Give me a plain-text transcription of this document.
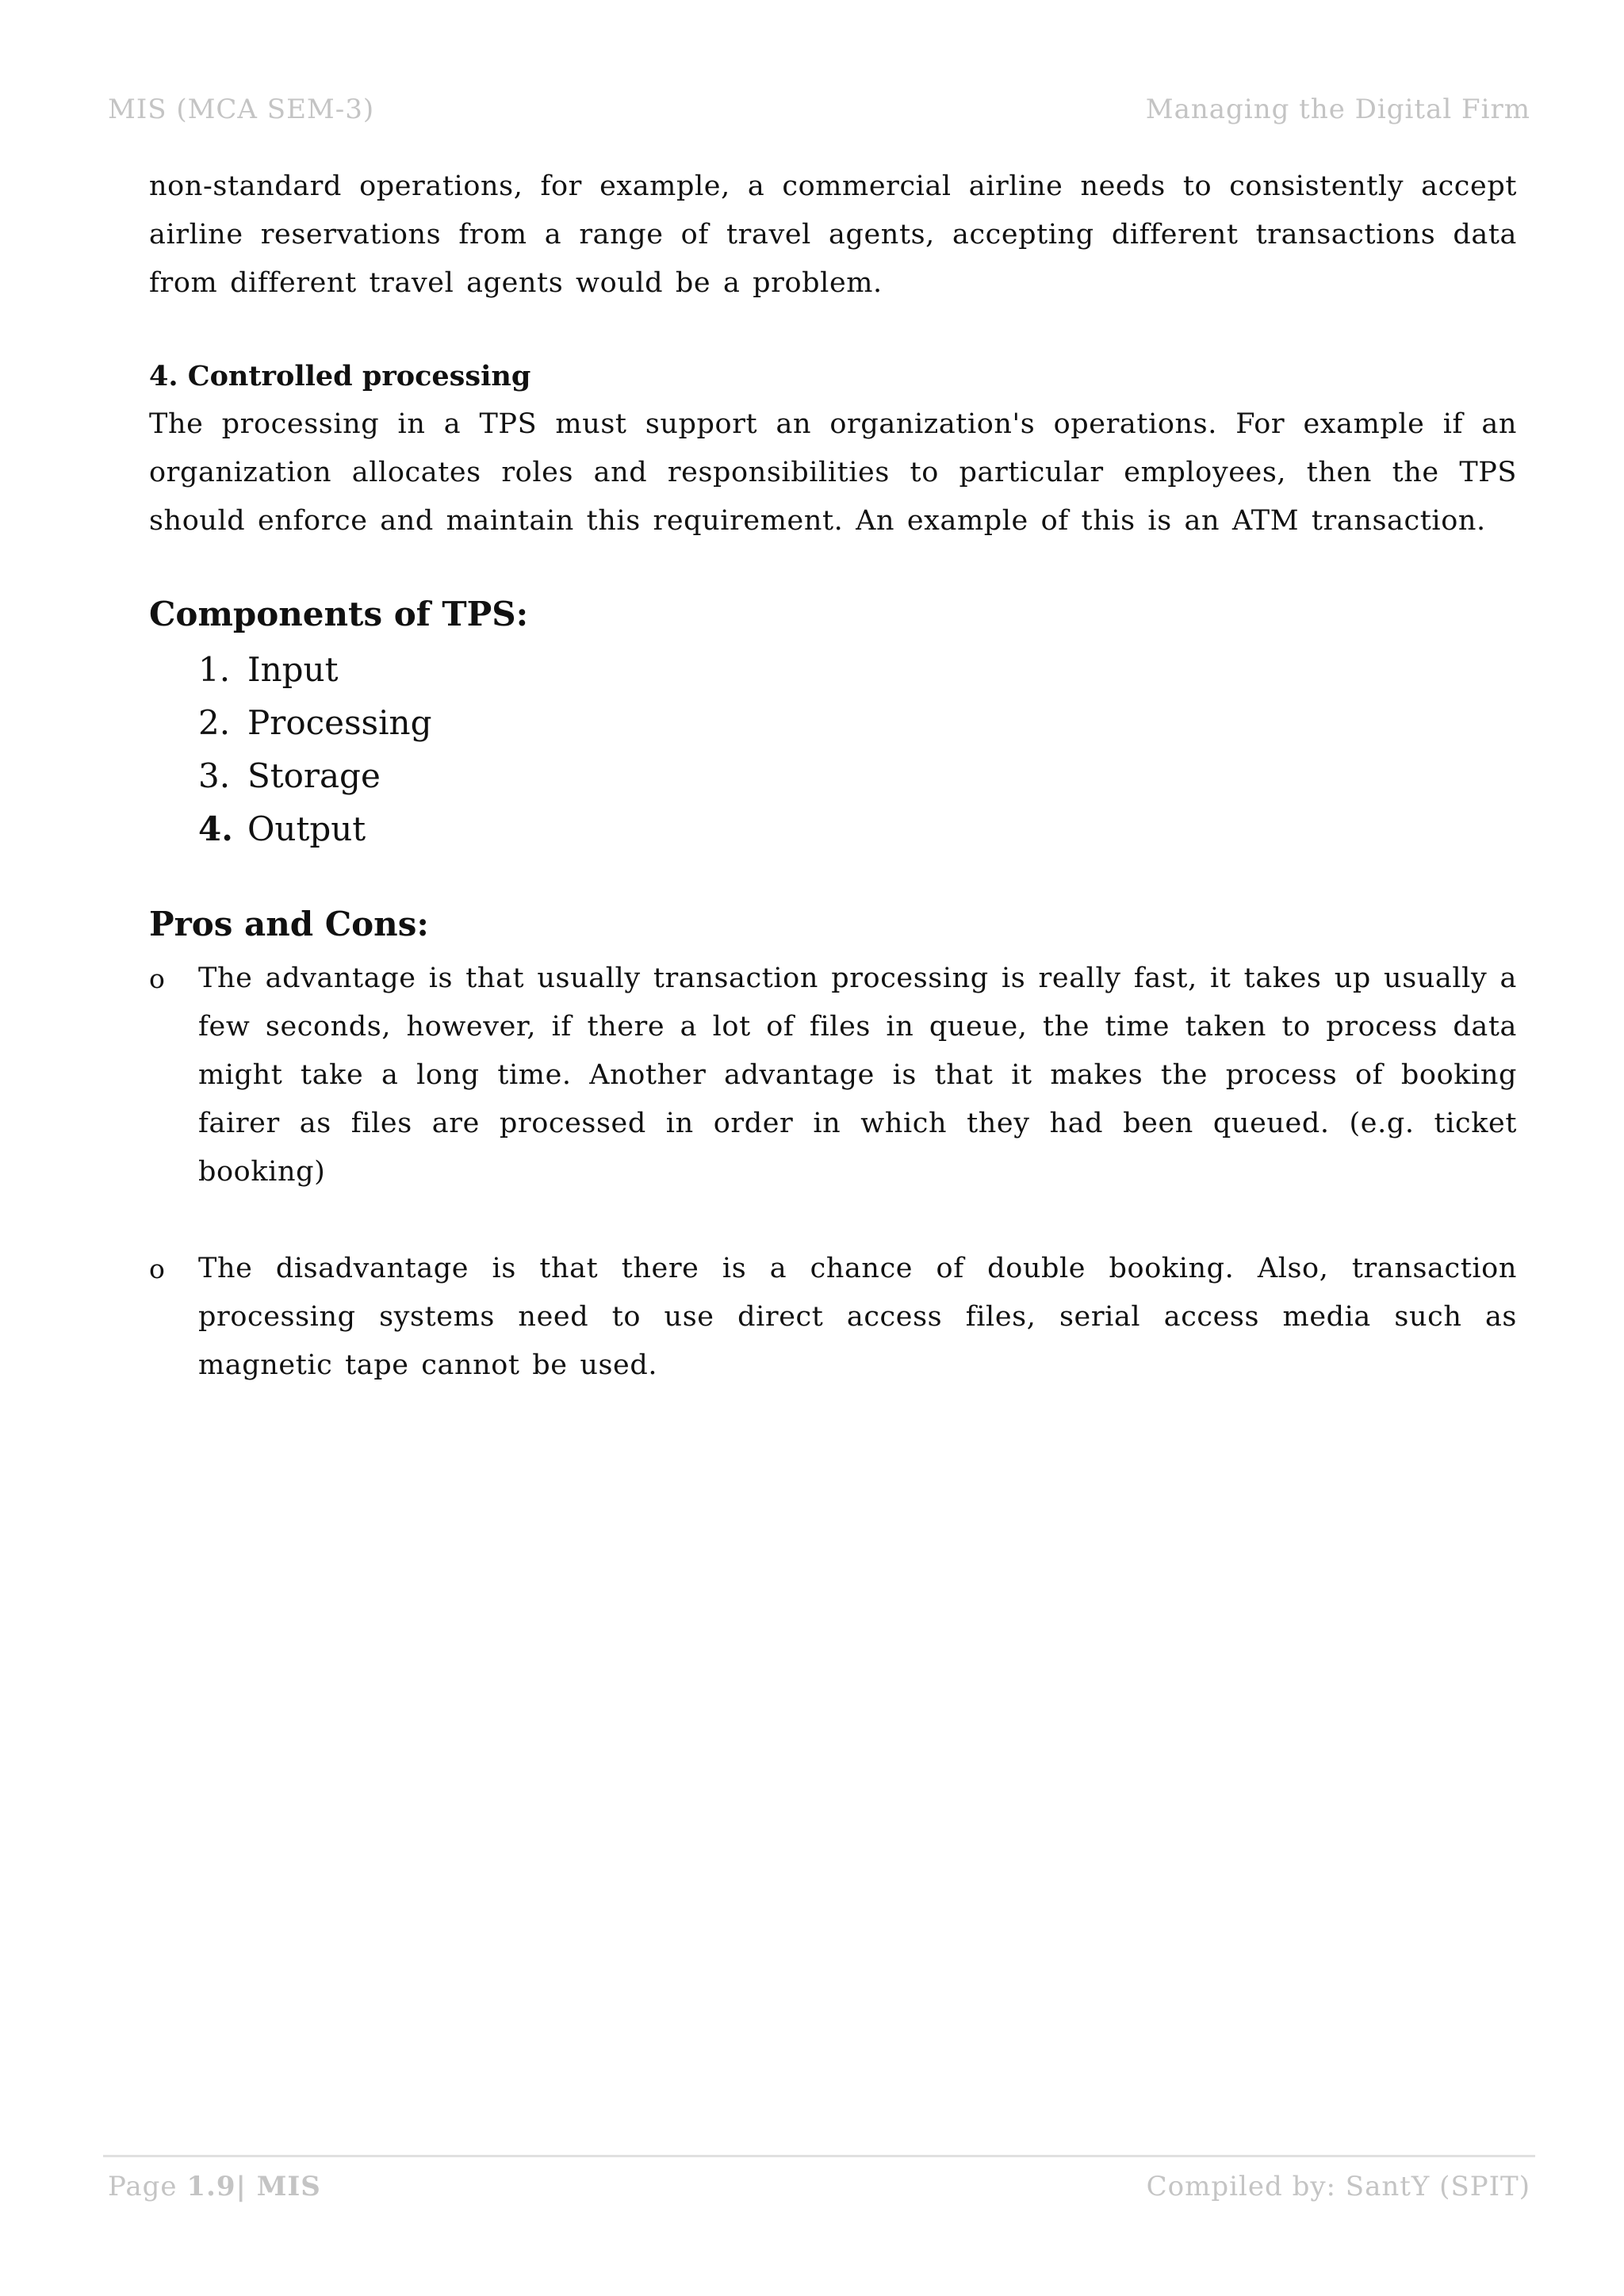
MIS (MCA SEM-3)	Managing the Digital Firm

non-standard operations, for example, a commercial airline needs to consistently accept airline reservations from a range of travel agents, accepting different transactions data from different travel agents would be a problem.

4. Controlled processing

The processing in a TPS must support an organization's operations. For example if an organization allocates roles and responsibilities to particular employees, then the TPS should enforce and maintain this requirement. An example of this is an ATM transaction.

Components of TPS:
1. Input
2. Processing
3. Storage
4. Output
Pros and Cons:
o The advantage is that usually transaction processing is really fast, it takes up usually a few seconds, however, if there a lot of files in queue, the time taken to process data might take a long time. Another advantage is that it makes the process of booking fairer as files are processed in order in which they had been queued. (e.g. ticket booking)

o The disadvantage is that there is a chance of double booking. Also, transaction processing systems need to use direct access files, serial access media such as magnetic tape cannot be used.

Page 1.9| MIS	Compiled by: SantY (SPIT)
